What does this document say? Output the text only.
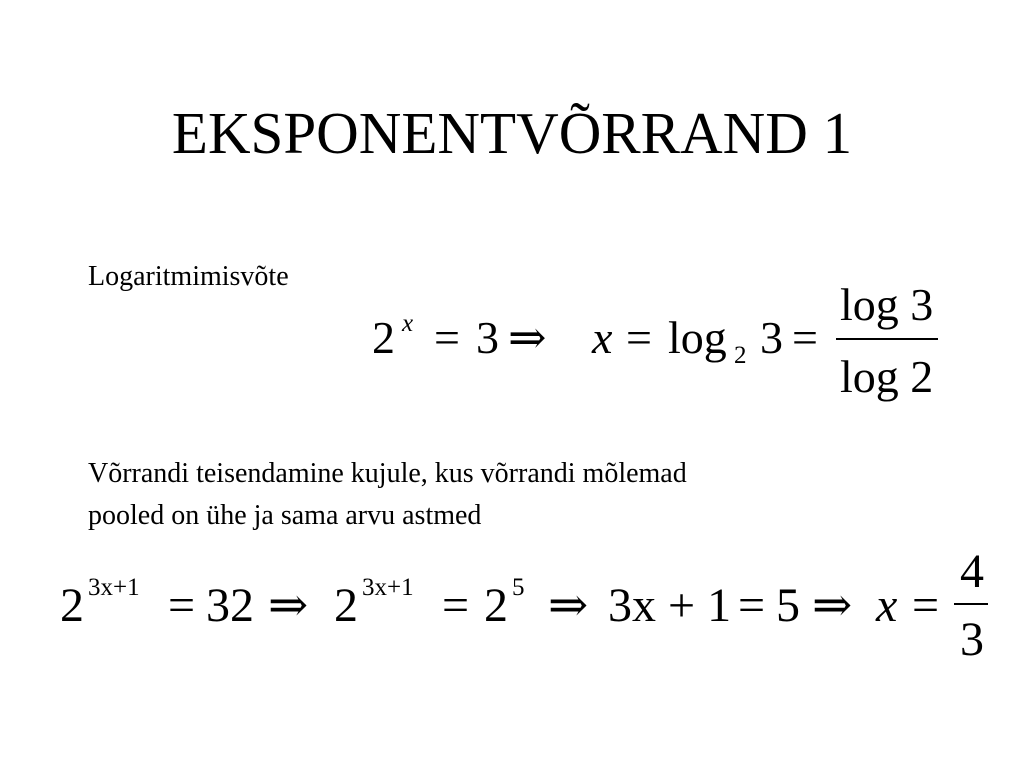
EKSPONENTVÕRRAND 1
Logaritmimisvõte
2 x = 3 ⇒ x = log 2 3 =
log 3
log 2
Võrrandi teisendamine kujule, kus võrrandi mõlemad
pooled on ühe ja sama arvu astmed
2 3x+1 = 32 ⇒ 2 3x+1 = 2 5 ⇒ 3x + 1 = 5 ⇒ x =
4
3
